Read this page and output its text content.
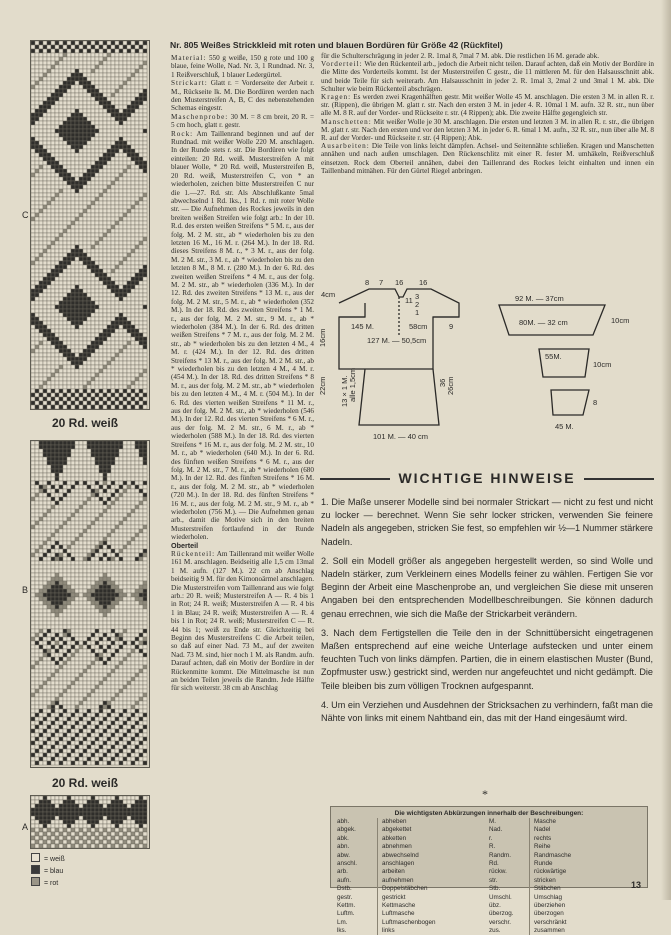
20 Rd. weiß
C
20 Rd. weiß
B
A
= weiß
= blau
= rot
Nr. 805 Weißes Strickkleid mit roten und blauen Bordüren für Größe 42 (Rückfitel)
Material: 550 g weiße, 150 g rote und 100 g blaue, feine Wolle, Nad. Nr. 3, 1 Rundnad. Nr. 3, 1 Reißverschluß, 1 blauer Ledergürtel.
Strickart: Glatt r. = Vorderseite der Arbeit r. M., Rückseite lk. M. Die Bordüren werden nach den Musterstreifen A, B, C des nebenstehenden Schemas eingestr.
Maschenprobe: 30 M. = 8 cm breit, 20 R. = 5 cm hoch, glatt r. gestr.
Rock: Am Taillenrand beginnen und auf der Rundnad. mit weißer Wolle 220 M. anschlagen. In der Runde stets r. str. Die Bordüren wie folgt einteilen: 20 Rd. weiß. Musterstreifen A mit blauer Wolle, * 20 Rd. weiß, Musterstreifen B, 20 Rd. weiß, Musterstreifen C, von * an wiederholen, zeichen bitte Musterstreifen C nur die 1.—27. Rd. str. Als Abschlußkante 5mal abwechselnd 1 Rd. lks., 1 Rd. r. mit roter Wolle str. — Die Aufnehmen des Rockes jeweils in den breiten weißen Streifen wie folgt arb.: In der 10. R.d. des ersten weißen Streifens * 5 M. r., aus der folg. M. 2 M. str., ab * wiederholen bis zu den letzten 16 M., 16 M. r. (264 M.). In der 18. Rd. dieses Streifens 8 M. r., * 3 M. r., aus der folg. M. 2 M. str., 3 M. r., ab * wiederholen bis zu den letzten 8 M., 8 M. r. (280 M.). In der 6. Rd. des zweiten weißen Streifens * 4 M. r., aus der folg. M. 2 M. str., ab * wiederholen (336 M.). In der 12. Rd. des zweiten Streifens * 13 M. r., aus der folg. M. 2 M. str., 5 M. r., ab * wiederholen (352 M.). In der 18. Rd. des zweiten Streifens * 1 M. r., aus der folg. M. 2 M. str., 9 M. r., ab * wiederholen (384 M.). In der 6. Rd. des dritten weißen Streifens * 7 M. r., aus der folg. M. 2 M. str., ab * wiederholen bis zu den letzten 4 M., 4 M. r. (424 M.). In der 12. Rd. des dritten Streifens * 13 M. r., aus der folg. M. 2 M. str., ab * wiederholen bis zu den letzten 4 M., 4 M. r. (454 M.). In der 18. Rd. des dritten Streifens * 8 M. r., aus der folg. M. 2 M. str., ab * wiederholen bis zu den letzten 4 M., 4 M. r. (504 M.). In der 6. Rd. des vierten weißen Streifens * 11 M. r., aus der folg. M. 2 M. str., ab * wiederholen (546 M.). In der 12. Rd. des vierten Streifens * 6 M. r., aus der folg. M. 2 M. str., 6 M. r., ab * wiederholen (588 M.). In der 18. Rd. des vierten Streifens * 16 M. r., aus der folg. M. 2 M. str., 10 M. r., ab * wiederholen (640 M.). In der 6. Rd. des fünften weißen Streifens * 6 M. r., aus der folg. M. 2 M. str., 7 M. r., ab * wiederholen (680 M.). In der 12. Rd. des fünften Streifens * 16 M. r., aus der folg. M. 2 M. str., ab * wiederholen (720 M.). In der 18. Rd. des fünften Streifens * 16 M. r., aus der folg. M. 2 M. str., 9 M. r., ab * wiederholen (756 M.). — Die Aufnehmen genau arb., damit die Motive sich in den breiten Musterstreifen fortlaufend in der Runde wiederholen.
Oberteil
Rückenteil: Am Taillenrand mit weißer Wolle 161 M. anschlagen. Beidseitig alle 1,5 cm 13mal 1 M. aufn. (127 M.). 22 cm ab Anschlag beidseitig 9 M. für den Kimonoärmel anschlagen. Die Musterstreifen vom Taillenrand aus wie folgt arb.: 20 R. weiß; Musterstreifen A — R. 4 bis 1 in Rot; 24 R. weiß; Musterstreifen A — R. 4 bis 1 in Blau; 24 R. weiß; Musterstreifen A — R. 4 bis 1 in Rot; 24 R. weiß; Musterstreifen C — R. 44 bis 1; weiß zu Ende str. Gleichzeitig bei Beginn des Musterstreifens C die Arbeit teilen, so daß auf einer Nad. 73 M., auf der zweiten Nad. 73 M. sind, hier noch 1 M. als Randm. aufn. Darauf achten, daß ein Motiv der Bordüre in der Rückenmitte kommt. Die Mittelmasche ist nun an beiden Teilen jeweils die Randm. Jede Hälfte für sich weiterstr. 38 cm ab Anschlag
für die Schulterschrägung in jeder 2. R. 1mal 8, 7mal 7 M. abk. Die restlichen 16 M. gerade abk.
Vorderteil: Wie den Rückenteil arb., jedoch die Arbeit nicht teilen. Darauf achten, daß ein Motiv der Bordüre in die Mitte des Vorderteils kommt. Ist der Musterstreifen C gestr., die 11 mittleren M. für den Halsausschnitt abk. und beide Teile für sich weiterarb. Am Halsausschnitt in jeder 2. R. 1mal 3, 2mal 2 und 3mal 1 M. abk. Die Schulter wie beim Rückenteil abschrägen.
Kragen: Es werden zwei Kragenhälften gestr. Mit weißer Wolle 45 M. anschlagen. Die ersten 3 M. in allen R. r. str. (Rippen), die übrigen M. glatt r. str. Nach den ersten 3 M. in jeder 4. R. 10mal 1 M. aufn. 32 R. str., nun über alle M. 8 R. auf der Vorder- und Rückseite r. str. (4 Rippen); abk. Die zweite Hälfte gegengleich str.
Manschetten: Mit weißer Wolle je 30 M. anschlagen. Die ersten und letzten 3 M. in allen R. r. str., die übrigen M. glatt r. str. Nach den ersten und vor den letzten 3 M. in jeder 6. R. 6mal 1 M. aufn., 32 R. str., nun über alle M. 8 R. auf der Vorder- und Rückseite r. str. (4 Rippen); Abk.
Ausarbeiten: Die Teile von links leicht dämpfen. Achsel- und Seitennähte schließen. Kragen und Manschetten annähen und nach außen umschlagen. Den Rückenschlitz mit einer R. fester M. umhäkeln, Reißverschluß einsetzen. Rock dem Oberteil annähen, dabei den Taillenrand des Rockes leicht einhalten und innen ein Taillenband mitnähen. Für den Gürtel Riegel anbringen.
4cm
8 7 16 16
11 3
2
1
145 M.	58cm	9
127 M. — 50,5cm
22cm
16cm
13 × 1 M. alle 1,5cm	36 26cm
101 M. — 40 cm
92 M. — 37cm
10cm
80M. — 32 cm
55M.
10cm
45 M.
8
WICHTIGE HINWEISE

1. Die Maße unserer Modelle sind bei normaler Strickart — nicht zu fest und nicht zu locker — berechnet. Wenn Sie sehr locker stricken, verwenden Sie feinere Nadeln als angegeben, stricken Sie fest, so empfehlen wir ½—1 Nummer stärkere Nadeln.

2. Soll ein Modell größer als angegeben hergestellt werden, so sind Wolle und Nadeln stärker, zum Verkleinern eines Modells feiner zu wählen. Fertigen Sie vor Beginn der Arbeit eine Maschenprobe an, und vergleichen Sie diese mit unseren Angaben bei den entsprechenden Modellbeschreibungen. Sie können dadurch genau errechnen, wie sich die Maße der Strickarbeit verändern.

3. Nach dem Fertigstellen die Teile den in der Schnittübersicht eingetragenen Maßen entsprechend auf eine weiche Unterlage aufstecken und unter einem feuchten Tuch von links dämpfen. Partien, die in einem elastischen Muster (Bund, Zopfmuster usw.) gestrickt sind, werden nur angefeuchtet und nicht gedämpft. Die Teile bleiben bis zum völligen Trocknen aufgespannt.

4. Um ein Verziehen und Ausdehnen der Stricksachen zu verhindern, faßt man die Nähte von links mit einem Nahtband ein, das mit der Hand eingesäumt wird.

*
Die wichtigsten Abkürzungen innerhalb der Beschreibungen:
abh.	abheben
abgek.	abgekettet
abk.	abketten
abn.	abnehmen
abw.	abwechselnd
anschl.	anschlagen
arb.	arbeiten
aufn.	aufnehmen
Dstb.	Doppelstäbchen
gestr.	gestrickt
Kettm.	Kettmasche
Luftm.	Luftmasche
Lm.	Luftmaschenbogen
lks.	links
M.	Masche
Nad.	Nadel
r.	rechts
R.	Reihe
Randm.	Randmasche
Rd.	Runde
rückw.	rückwärtige
str.	stricken
Stb.	Stäbchen
Umschl.	Umschlag
übz.	überziehen
überzog.	überzogen
verschr.	verschränkt
zus.	zusammen
13
